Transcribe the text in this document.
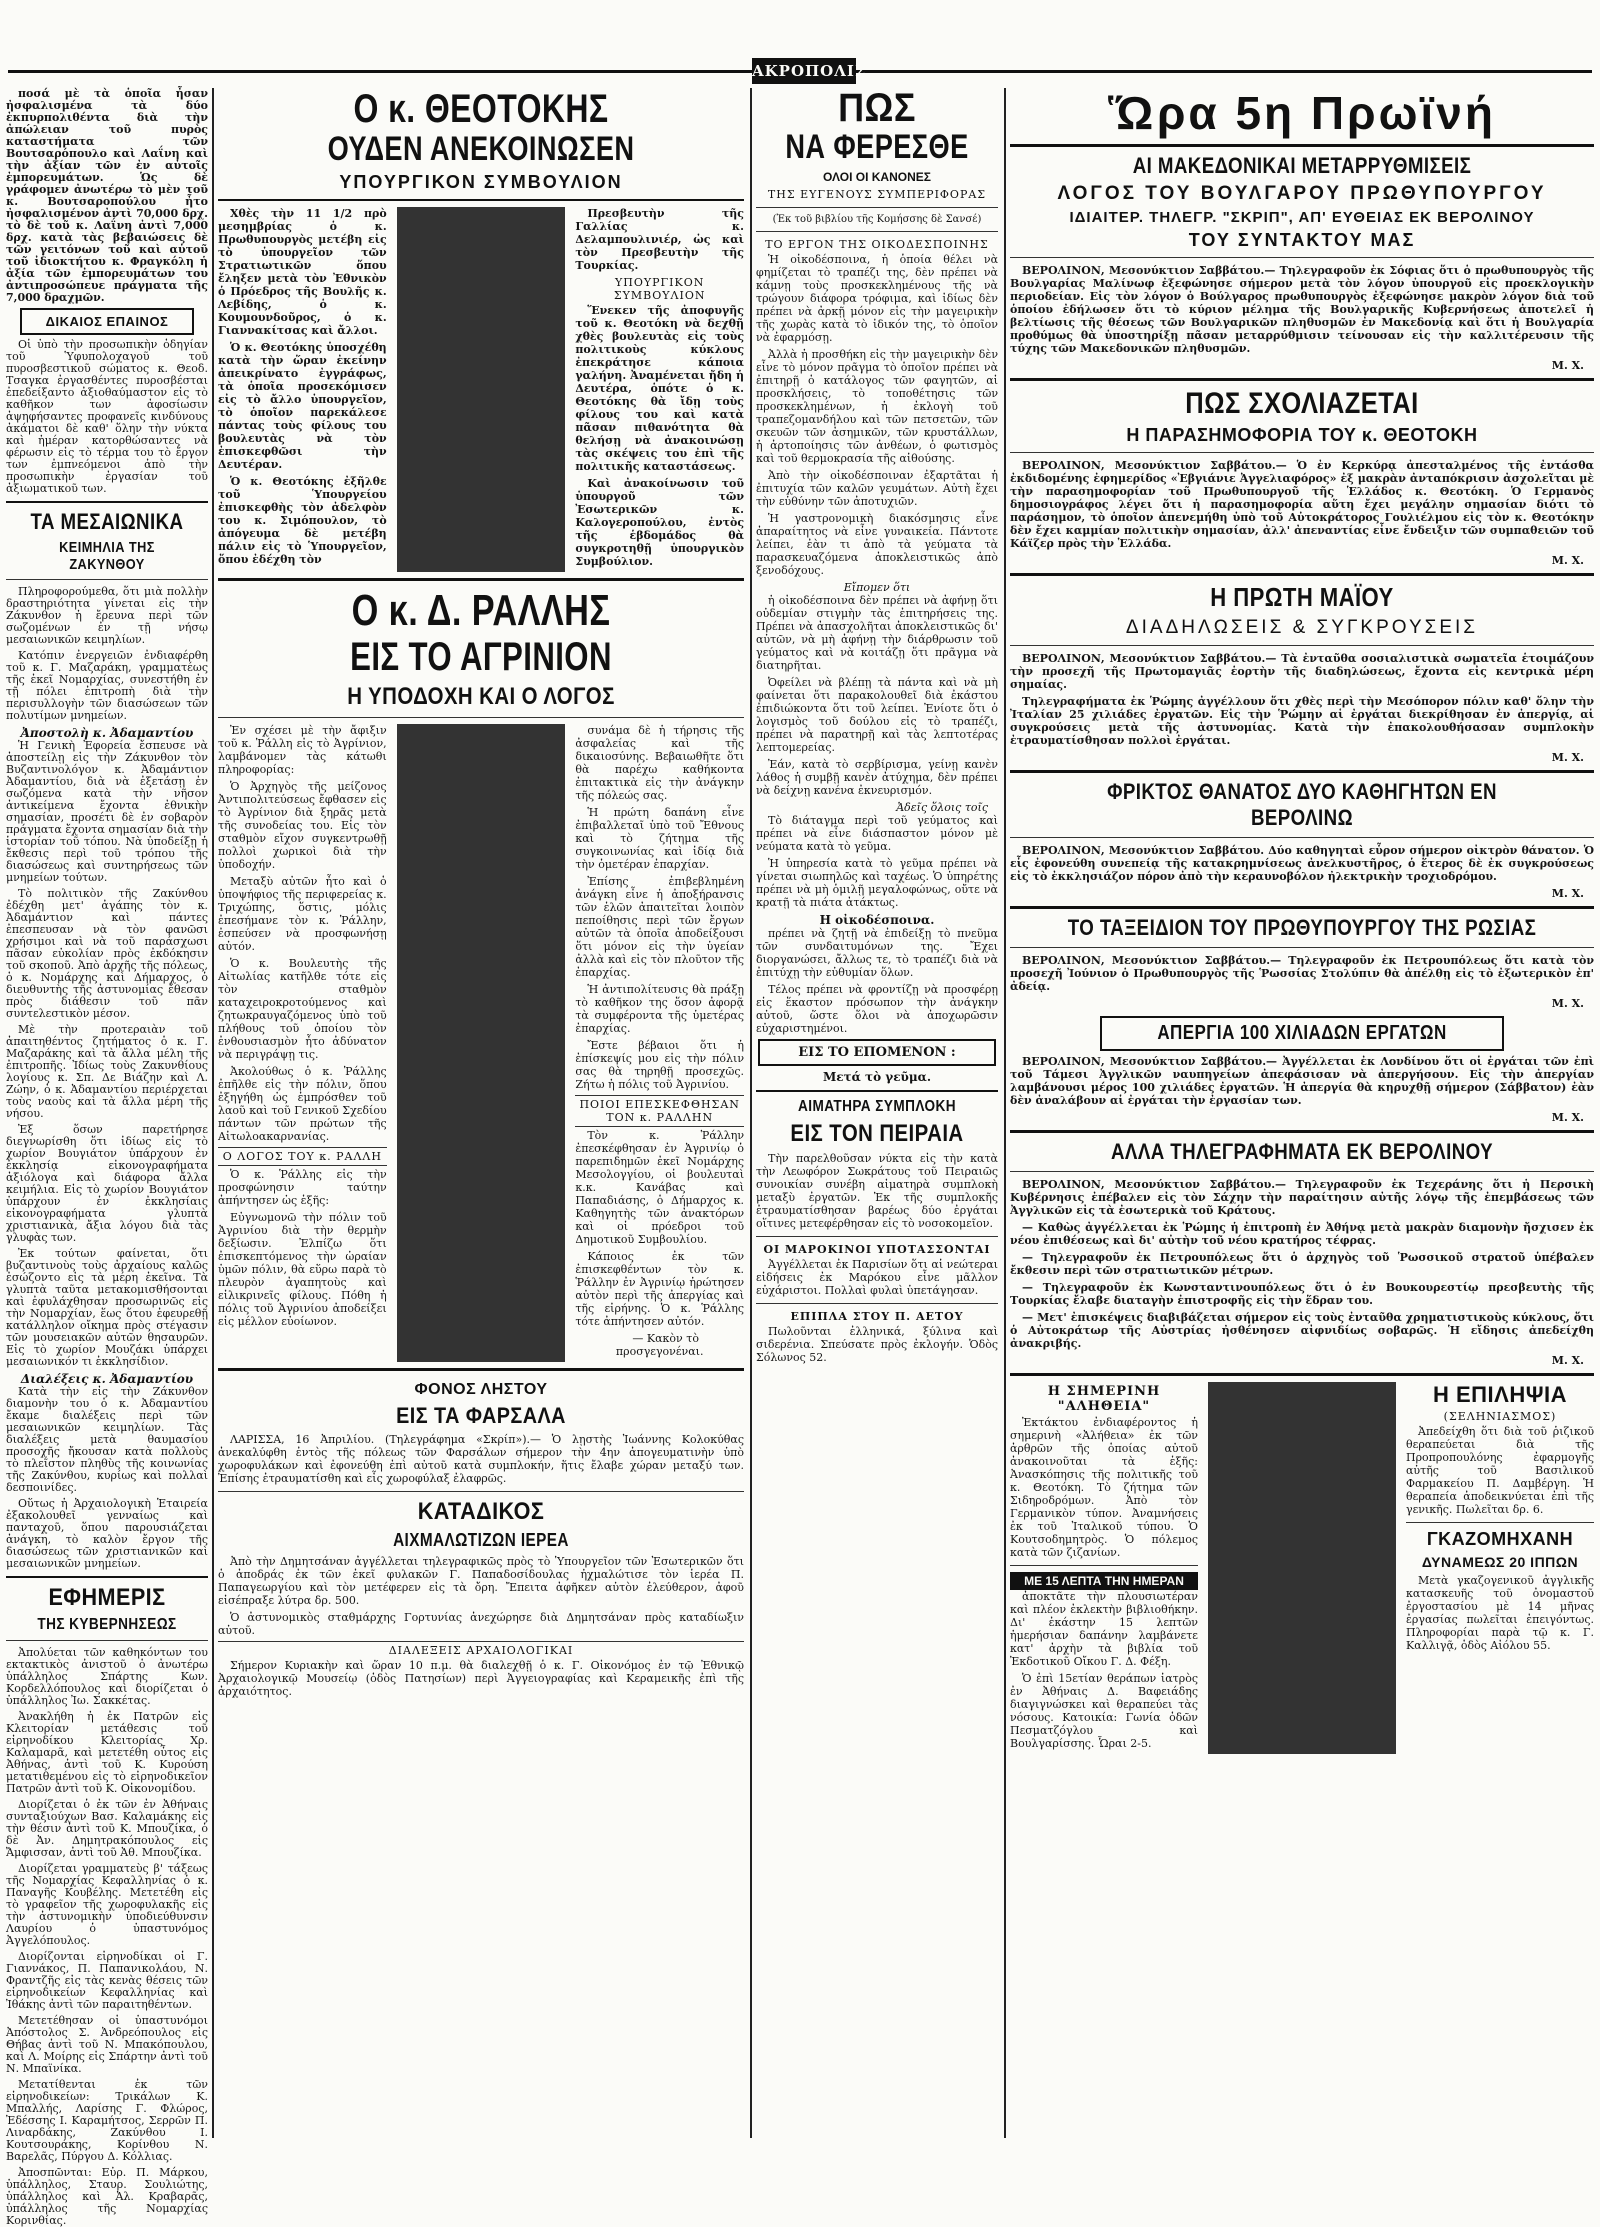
ΑΚΡΟΠΟΛΙΣ

ποσά μὲ τὰ ὁποῖα ἦσαν ἠσφαλισμένα τὰ δύο ἐκπυρπολιθέντα διὰ τὴν ἀπώλειαν τοῦ πυρὸς καταστήματα τῶν Βουτσαρόπουλο καὶ Λαΐνη καὶ τὴν ἀξίαν τῶν ἐν αὐτοῖς ἐμπορευμάτων. Ὡς δὲ γράφομεν ἀνωτέρω τὸ μὲν τοῦ κ. Βουτσαροπούλου ἦτο ἠσφαλισμένον ἀντὶ 70,000 δρχ. τὸ δὲ τοῦ κ. Λαΐνη ἀντὶ 7,000 δρχ. κατὰ τὰς βεβαιώσεις δὲ τῶν γειτόνων τοῦ καὶ αὐτοῦ τοῦ ἰδιοκτήτου κ. Φραγκόλη ἡ ἀξία τῶν ἐμπορευμάτων του ἀντιπροσώπευε πράγματα τῆς 7,000 δραχμῶν.

ΔΙΚΑΙΟΣ ΕΠΑΙΝΟΣ

Οἱ ὑπὸ τὴν προσωπικὴν ὁδηγίαν τοῦ Ὑφυπολοχαγοῦ τοῦ πυροσβεστικοῦ σώματος κ. Θεοδ. Τσαγκα ἐργασθέντες πυροσβέσται ἐπεδείξαντο ἀξιοθαύμαστον εἰς τὸ καθῆκον των ἀφοσίωσιν ἀψηφήσαντες προφανεῖς κινδύνους ἀκάματοι δὲ καθ' ὅλην τὴν νύκτα καὶ ἡμέραν κατορθώσαντες νὰ φέρωσιν εἰς τὸ τέρμα του τὸ ἔργον των ἐμπνεόμενοι ἀπὸ τὴν προσωπικὴν ἐργασίαν τοῦ ἀξιωματικοῦ των.

ΤΑ ΜΕΣΑΙΩΝΙΚΑ
ΚΕΙΜΗΛΙΑ ΤΗΣ ΖΑΚΥΝΘΟΥ

Πληροφορούμεθα, ὅτι μιὰ πολλὴν δραστηριότητα γίνεται εἰς τὴν Ζάκυνθον ἡ ἔρευνα περὶ τῶν σωζομένων ἐν τῇ νήσῳ μεσαιωνικῶν κειμηλίων.

Κατόπιν ἐνεργειῶν ἐνδιαφέρθη τοῦ κ. Γ. Μαζαράκη, γραμματέως τῆς ἐκεῖ Νομαρχίας, συνεστήθη ἐν τῇ πόλει ἐπιτροπὴ διὰ τὴν περισυλλογὴν τῶν διασώσεων τῶν πολυτίμων μνημείων.

Ἀποστολὴ κ. Ἀδαμαντίου

Ἡ Γενικὴ Ἐφορεία ἔσπευσε νὰ ἀποστείλῃ εἰς τὴν Ζάκυνθον τὸν Βυζαντινολόγον κ. Ἀδαμάντιον Ἀδαμαντίου, διὰ νὰ ἐξετάσῃ ἐν σωζόμενα κατὰ τὴν νῆσον ἀντικείμενα ἔχοντα ἐθνικὴν σημασίαν, προσέτι δὲ ἐν σοβαρὸν πράγματα ἔχοντα σημασίαν διὰ τὴν ἱστορίαν τοῦ τόπου. Νὰ ὑποδείξῃ ἡ ἔκθεσις περὶ τοῦ τρόπου τῆς διασώσεως καὶ συντηρήσεως τῶν μνημείων τούτων.

Τὸ πολιτικὸν τῆς Ζακύνθου ἐδέχθη μετ' ἀγάπης τὸν κ. Ἀδαμάντιον καὶ πάντες ἐπεσπευσαν νὰ τὸν φανῶσι χρήσιμοι καὶ νὰ τοῦ παράσχωσι πᾶσαν εὐκολίαν πρὸς ἐκδόκησιν τοῦ σκοποῦ. Ἀπὸ ἀρχῆς τῆς πόλεως, ὁ κ. Νομάρχης καὶ Δήμαρχος, ὁ διευθυντὴς τῆς ἀστυνομίας ἔθεσαν πρὸς διάθεσιν τοῦ πᾶν συντελεστικὸν μέσον.

Μὲ τὴν προτεραιὰν τοῦ ἀπαιτηθέντος ζητήματος ὁ κ. Γ. Μαζαράκης καὶ τὰ ἄλλα μέλη τῆς ἐπιτροπῆς. Ἰδίως τοὺς Ζακυνθίους λογίους κ. Σπ. Δε Βιάζην καὶ Λ. Ζώην, ὁ κ. Ἀδαμαντίου περιέρχεται τοὺς ναοὺς καὶ τὰ ἄλλα μέρη τῆς νήσου.

Ἐξ ὅσων παρετήρησε διεγνωρίσθη ὅτι ἰδίως εἰς τὸ χωρίον Βουγιάτον ὑπάρχουν ἐν ἐκκλησίᾳ εἰκονογραφήματα ἀξιόλογα καὶ διάφορα ἄλλα κειμήλια. Εἰς τὸ χωρίον Βουγιάτον ὑπάρχουν ἐν ἐκκλησίαις εἰκονογραφήματα γλυπτὰ χριστιανικὰ, ἄξια λόγου διὰ τὰς γλυφὰς των.

Ἐκ τούτων φαίνεται, ὅτι βυζαντινοὺς τοὺς ἀρχαίους καλῶς ἐσώζοντο εἰς τὰ μέρη ἐκεῖνα. Τὰ γλυπτὰ ταῦτα μετακομισθήσονται καὶ ἐφυλάχθησαν προσωρινῶς εἰς τὴν Νομαρχίαν, ἕως ὅτου ἐφευρεθῇ κατάλληλον οἴκημα πρὸς στέγασιν τῶν μουσειακῶν αὐτῶν θησαυρῶν. Εἰς τὸ χωρίον Μουζάκι ὑπάρχει μεσαιωνικόν τι ἐκκλησίδιον.

Διαλέξεις κ. Ἀδαμαντίου

Κατὰ τὴν εἰς τὴν Ζάκυνθον διαμονὴν του ὁ κ. Ἀδαμαντίου ἔκαμε διαλέξεις περὶ τῶν μεσαιωνικῶν κειμηλίων. Τὰς διαλέξεις μετὰ θαυμασίου προσοχῆς ἤκουσαν κατὰ πολλοὺς τὸ πλεῖστον πληθὺς τῆς κοινωνίας τῆς Ζακύνθου, κυρίως καὶ πολλαὶ δεσποινίδες.

Οὕτως ἡ Ἀρχαιολογικὴ Ἑταιρεία ἐξακολουθεῖ γενναίως καὶ πανταχοῦ, ὅπου παρουσιάζεται ἀνάγκη, τὸ καλὸν ἔργον τῆς διασώσεως τῶν χριστιανικῶν καὶ μεσαιωνικῶν μνημείων.

ΕΦΗΜΕΡΙΣ
ΤΗΣ ΚΥΒΕΡΝΗΣΕΩΣ

Ἀπολύεται τῶν καθηκόντων του εκτακτικὸς ἀνιστοῦ ὁ ἀνωτέρω ὑπάλληλος Σπάρτης Κων. Κορδελλόπουλος καὶ διορίζεται ὁ ὑπάλληλος Ἰω. Σακκέτας.

Ἀνακλήθη ἡ ἐκ Πατρῶν εἰς Κλειτορίαν μετάθεσις τοῦ εἰρηνοδίκου Κλειτορίας Χρ. Καλαμαρᾶ, καὶ μετετέθη οὗτος εἰς Ἀθήνας, ἀντὶ τοῦ Κ. Κυρούση μετατιθεμένου εἰς τὸ εἰρηνοδικεῖον Πατρῶν ἀντὶ τοῦ Κ. Οἰκονομίδου.

Διορίζεται ὁ ἐκ τῶν ἐν Ἀθήναις συνταξιούχων Βασ. Καλαμάκης εἰς τὴν θέσιν ἀντὶ τοῦ Κ. Μπουζίκα, ὁ δὲ Ἀν. Δημητρακόπουλος εἰς Ἄμφισσαν, ἀντὶ τοῦ Ἀθ. Μπουζίκα.

Διορίζεται γραμματεὺς β' τάξεως τῆς Νομαρχίας Κεφαλληνίας ὁ κ. Παναγῆς Κουβέλης. Μετετέθη εἰς τὸ γραφεῖον τῆς χωροφυλακῆς εἰς τὴν ἀστυνομικὴν ὑποδιεύθυνσιν Λαυρίου ὁ ὑπαστυνόμος Ἀγγελόπουλος.

Διορίζονται εἰρηνοδίκαι οἱ Γ. Γιαννάκος, Π. Παπανικολάου, Ν. Φραντζῆς εἰς τὰς κενὰς θέσεις τῶν εἰρηνοδικείων Κεφαλληνίας καὶ Ἰθάκης ἀντὶ τῶν παραιτηθέντων.

Μετετέθησαν οἱ ὑπαστυνόμοι Ἀπόστολος Σ. Ἀνδρεόπουλος εἰς Θήβας ἀντὶ τοῦ Ν. Μπακόπουλου, καὶ Λ. Μοίρης εἰς Σπάρτην ἀντὶ τοῦ Ν. Μπαϊνίκα.

Μετατίθενται ἐκ τῶν εἰρηνοδικείων: Τρικάλων Κ. Μπαλλής, Λαρίσης Γ. Φλώρος, Ἐδέσσης Ι. Καραμήτσος, Σερρῶν Π. Λιναρδάκης, Ζακύνθου Ι. Κουτσουράκης, Κορίνθου Ν. Βαρελᾶς, Πύργου Δ. Κόλλιας.

Ἀποσπῶνται: Εὐρ. Π. Μάρκου, ὑπάλληλος, Σταυρ. Σουλιώτης, ὑπάλληλος καὶ Ἀλ. Κραβαρᾶς, ὑπάλληλος τῆς Νομαρχίας Κορινθίας.

Ο κ. ΘΕΟΤΟΚΗΣ
ΟΥΔΕΝ ΑΝΕΚΟΙΝΩΣΕΝ
ΥΠΟΥΡΓΙΚΟΝ ΣΥΜΒΟΥΛΙΟΝ

Χθὲς τὴν 11 1/2 πρὸ μεσημβρίας ὁ κ. Πρωθυπουργὸς μετέβη εἰς τὸ ὑπουργεῖον τῶν Στρατιωτικῶν ὅπου ἔληξεν μετὰ τὸν Ἐθνικὸν ὁ Πρόεδρος τῆς Βουλῆς κ. Λεβίδης, ὁ κ. Κουμουνδοῦρος, ὁ κ. Γιαννακίτσας καὶ ἄλλοι.

Ὁ κ. Θεοτόκης ὑποσχέθη κατὰ τὴν ὥραν ἐκείνην ἀπεικρίνατο ἐγγράφως, τὰ ὁποῖα προσεκόμισεν εἰς τὸ ἄλλο ὑπουργεῖον, τὸ ὁποῖον παρεκάλεσε πάντας τοὺς φίλους του βουλευτὰς νὰ τὸν ἐπισκεφθῶσι τὴν Δευτέραν.

Ὁ κ. Θεοτόκης ἐξῆλθε τοῦ Ὑπουργείου ἐπισκεφθὴς τὸν ἀδελφὸν του κ. Σιμόπουλον, τὸ ἀπόγευμα δὲ μετέβη πάλιν εἰς τὸ Ὑπουργεῖον, ὅπου ἐδέχθη τὸν

Πρεσβευτὴν τῆς Γαλλίας κ. Δελαμπουλινιέρ, ὡς καὶ τὸν Πρεσβευτὴν τῆς Τουρκίας.

ΥΠΟΥΡΓΙΚΟΝ ΣΥΜΒΟΥΛΙΟΝ

Ἕνεκεν τῆς ἀποφυγῆς τοῦ κ. Θεοτόκη νὰ δεχθῇ χθὲς βουλευτὰς εἰς τοὺς πολιτικοὺς κύκλους ἐπεκράτησε κάποια γαλήνη. Ἀναμένεται ἤδη ἡ Δευτέρα, ὁπότε ὁ κ. Θεοτόκης θὰ ἴδῃ τοὺς φίλους του καὶ κατὰ πᾶσαν πιθανότητα θὰ θελήσῃ νὰ ἀνακοινώσῃ τὰς σκέψεις του ἐπὶ τῆς πολιτικῆς καταστάσεως.

Καὶ ἀνακοίνωσιν τοῦ ὑπουργοῦ τῶν Ἐσωτερικῶν κ. Καλογεροπούλου, ἐντὸς τῆς ἑβδομάδος θὰ συγκροτηθῇ ὑπουργικὸν Συμβούλιον.

Ο κ. Δ. ΡΑΛΛΗΣ
ΕΙΣ ΤΟ ΑΓΡΙΝΙΟΝ
Η ΥΠΟΔΟΧΗ ΚΑΙ Ο ΛΟΓΟΣ

Ἐν σχέσει μὲ τὴν ἄφιξιν τοῦ κ. Ῥάλλη εἰς τὸ Ἀγρίνιον, λαμβάνομεν τὰς κάτωθι πληροφορίας:

Ὁ Ἀρχηγὸς τῆς μείζονος Ἀντιπολιτεύσεως ἔφθασεν εἰς τὸ Ἀγρίνιον διὰ ξηρᾶς μετὰ τῆς συνοδείας του. Εἰς τὸν σταθμὸν εἴχον συγκεντρωθῇ πολλοὶ χωρικοὶ διὰ τὴν ὑποδοχήν.

Μεταξὺ αὐτῶν ἦτο καὶ ὁ ὑποψήφιος τῆς περιφερείας κ. Τριχώπης, ὅστις, μόλις ἐπεσήμανε τὸν κ. Ῥάλλην, ἐσπεύσεν νὰ προσφωνήσῃ αὐτόν.

Ὁ κ. Βουλευτὴς τῆς Αἰτωλίας κατῆλθε τότε εἰς τὸν σταθμὸν καταχειροκροτούμενος καὶ ζητωκραυγαζόμενος ὑπὸ τοῦ πλήθους τοῦ ὁποίου τὸν ἐνθουσιασμὸν ἦτο ἀδύνατον νὰ περιγράψῃ τις.

Ἀκολούθως ὁ κ. Ῥάλλης ἐπῆλθε εἰς τὴν πόλιν, ὅπου ἐξηγήθη ὡς ἐμπρόσθεν τοῦ λαοῦ καὶ τοῦ Γενικοῦ Σχεδίου πάντων τῶν πρώτων τῆς Αἰτωλοακαρνανίας.

Ο ΛΟΓΟΣ ΤΟΥ κ. ΡΑΛΛΗ

Ὁ κ. Ῥάλλης εἰς τὴν προσφώνησιν ταύτην ἀπήντησεν ὡς ἑξῆς:

Εὐγνωμονῶ τὴν πόλιν τοῦ Ἀγρινίου διὰ τὴν θερμὴν δεξίωσιν. Ἐλπίζω ὅτι ἐπισκεπτόμενος τὴν ὡραίαν ὑμῶν πόλιν, θὰ εὕρω παρὰ τὸ πλευρὸν ἀγαπητοὺς καὶ εἰλικρινεῖς φίλους. Πόθη ἡ πόλις τοῦ Ἀγρινίου ἀποδείξει εἰς μέλλον εὐοίωνον.

συνάμα δὲ ἡ τήρησις τῆς ἀσφαλείας καὶ τῆς δικαιοσύνης. Βεβαιωθῆτε ὅτι θὰ παρέχω καθήκοντα ἐπιτακτικὰ εἰς τὴν ἀνάγκην τῆς πόλεώς σας.

Ἡ πρώτη δαπάνη εἶνε ἐπιβαλλεταῖ ὑπὸ τοῦ Ἔθνους καὶ τὸ ζήτημα τῆς συγκοινωνίας καὶ ἰδίᾳ διὰ τὴν ὁμετέραν ἐπαρχίαν.

Ἐπίσης ἐπιβεβλημένη ἀνάγκη εἶνε ἡ ἀποξήρανσις τῶν ἑλῶν ἀπαιτεῖται λοιπὸν πεποίθησις περὶ τῶν ἔργων αὐτῶν τὰ ὁποῖα ἀποδείξουσι ὅτι μόνον εἰς τὴν ὑγείαν ἀλλὰ καὶ εἰς τὸν πλοῦτον τῆς ἐπαρχίας.

Ἡ ἀντιπολίτευσις θὰ πράξῃ τὸ καθῆκον της ὅσον ἀφορᾷ τὰ συμφέροντα τῆς ὑμετέρας ἐπαρχίας.

Ἔστε βέβαιοι ὅτι ἡ ἐπίσκεψίς μου εἰς τὴν πόλιν σας θὰ τηρηθῇ προσεχῶς. Ζήτω ἡ πόλις τοῦ Ἀγρινίου.

ΠΟΙΟΙ ΕΠΕΣΚΕΦΘΗΣΑΝ ΤΟΝ κ. ΡΑΛΛΗΝ

Τὸν κ. Ῥάλλην ἐπεσκέφθησαν ἐν Ἀγρινίῳ ὁ παρεπιδημῶν ἐκεῖ Νομάρχης Μεσολογγίου, οἱ βουλευταὶ κ.κ. Κανάβας καὶ Παπαδιάσης, ὁ Δήμαρχος κ. Καθηγητὴς τῶν ἀνακτόρων καὶ οἱ πρόεδροι τοῦ Δημοτικοῦ Συμβουλίου.

Κάποιος ἐκ τῶν ἐπισκεφθέντων τὸν κ. Ῥάλλην ἐν Ἀγρινίῳ ἠρώτησεν αὐτὸν περὶ τῆς ἀπεργίας καὶ τῆς εἰρήνης. Ὁ κ. Ῥάλλης τότε ἀπήντησεν αὐτόν.

— Κακὸν τὸ προσγεγονέναι.

ΦΟΝΟΣ ΛΗΣΤΟΥ
ΕΙΣ ΤΑ ΦΑΡΣΑΛΑ

ΛΑΡΙΣΣΑ, 16 Ἀπριλίου. (Τηλεγράφημα «Σκρίπ»).— Ὁ λῃστὴς Ἰωάννης Κολοκύθας ἀνεκαλύφθη ἐντὸς τῆς πόλεως τῶν Φαρσάλων σήμερον τὴν 4ην ἀπογευματινὴν ὑπὸ χωροφυλάκων καὶ ἐφονεύθη ἐπὶ αὐτοῦ κατὰ συμπλοκήν, ἥτις ἔλαβε χώραν μεταξύ των. Ἐπίσης ἐτραυματίσθη καὶ εἷς χωροφύλαξ ἐλαφρῶς.

ΚΑΤΑΔΙΚΟΣ
ΑΙΧΜΑΛΩΤΙΖΩΝ ΙΕΡΕΑ

Ἀπὸ τὴν Δημητσάναν ἀγγέλλεται τηλεγραφικῶς πρὸς τὸ Ὑπουργεῖον τῶν Ἐσωτερικῶν ὅτι ὁ ἀποδράς ἐκ τῶν ἐκεῖ φυλακῶν Γ. Παπαδοσίδουλας ἠχμαλώτισε τὸν ἱερέα Π. Παπαγεωργίου καὶ τὸν μετέφερεν εἰς τὰ ὄρη. Ἔπειτα ἀφῆκεν αὐτὸν ἐλεύθερον, ἀφοῦ εἰσέπραξε λύτρα δρ. 500.

Ὁ ἀστυνομικὸς σταθμάρχης Γορτυνίας ἀνεχώρησε διὰ Δημητσάναν πρὸς καταδίωξιν αὐτοῦ.

ΔΙΑΛΕΞΕΙΣ ΑΡΧΑΙΟΛΟΓΙΚΑΙ

Σήμερον Κυριακὴν καὶ ὥραν 10 π.μ. θὰ διαλεχθῇ ὁ κ. Γ. Οἰκονόμος ἐν τῷ Ἐθνικῷ Ἀρχαιολογικῷ Μουσείῳ (ὁδὸς Πατησίων) περὶ Ἀγγειογραφίας καὶ Κεραμεικῆς ἐπὶ τῆς ἀρχαιότητος.

ΠΩΣ
ΝΑ ΦΕΡΕΣΘΕ
ΟΛΟΙ ΟΙ ΚΑΝΟΝΕΣ
ΤΗΣ ΕΥΓΕΝΟΥΣ ΣΥΜΠΕΡΙΦΟΡΑΣ
(Ἐκ τοῦ βιβλίου τῆς Κομήσσης δὲ Σανσέ)
ΤΟ ΕΡΓΟΝ ΤΗΣ ΟΙΚΟΔΕΣΠΟΙΝΗΣ

Ἡ οἰκοδέσποινα, ἡ ὁποία θέλει νὰ φημίζεται τὸ τραπέζι της, δὲν πρέπει νὰ κάμνῃ τοὺς προσκεκλημένους τῆς νὰ τρώγουν διάφορα τρόφιμα, καὶ ἰδίως δὲν πρέπει νὰ ἀρκῇ μόνον εἰς τὴν μαγειρικὴν τῆς χωρὰς κατὰ τὸ ἰδικόν της, τὸ ὁποῖον νὰ ἐφαρμόσῃ.

Ἀλλὰ ἡ προσθήκη εἰς τὴν μαγειρικὴν δὲν εἶνε τὸ μόνον πρᾶγμα τὸ ὁποῖον πρέπει νὰ ἐπιτηρῇ ὁ κατάλογος τῶν φαγητῶν, αἱ προσκλήσεις, τὸ τοποθέτησις τῶν προσκεκλημένων, ἡ ἐκλογὴ τοῦ τραπεζομανδήλου καὶ τῶν πετσετῶν, τῶν σκευῶν τῶν ἀσημικῶν, τῶν κρυστάλλων, ἡ ἀρτοποίησις τῶν ἀνθέων, ὁ φωτισμὸς καὶ τοῦ θερμοκρασία τῆς αἰθούσης.

Ἀπὸ τὴν οἰκοδέσποιναν ἐξαρτᾶται ἡ ἐπιτυχία τῶν καλῶν γευμάτων. Αὐτὴ ἔχει τὴν εὐθύνην τῶν ἀποτυχιῶν.

Ἡ γαστρονομικὴ διακόσμησις εἶνε ἀπαραίτητος νὰ εἶνε γυναικεία. Πάντοτε λείπει, ἐὰν τι ἀπὸ τὰ γεύματα τὰ παρασκευαζόμενα ἀποκλειστικῶς ἀπὸ ξενοδόχους.

Εἴπομεν ὅτι

ἡ οἰκοδέσποινα δὲν πρέπει νὰ ἀφήνῃ ὅτι οὐδεμίαν στιγμὴν τὰς ἐπιτηρήσεις της. Πρέπει νὰ ἀπασχολῆται ἀποκλειστικῶς δι' αὐτῶν, νὰ μὴ ἀφήνῃ τὴν διάρθρωσιν τοῦ γεύματος καὶ νὰ κοιτάζῃ ὅτι πρᾶγμα νὰ διατηρῆται.

Ὀφείλει νὰ βλέπῃ τὰ πάντα καὶ νὰ μὴ φαίνεται ὅτι παρακολουθεῖ διὰ ἐκάστου ἐπιδιώκοντα ὅτι τοῦ λείπει. Ἐνίοτε ὅτι ὁ λογισμὸς τοῦ δούλου εἰς τὸ τραπέζι, πρέπει νὰ παρατηρῇ καὶ τὰς λεπτοτέρας λεπτομερείας.

Ἐάν, κατὰ τὸ σερβίρισμα, γείνῃ κανὲν λάθος ἡ συμβῇ κανὲν ἀτύχημα, δὲν πρέπει νὰ δείχνῃ κανένα ἐκνευρισμόν.

Ἀδεῖς ὅλοις τοῖς

Τὸ διάταγμα περὶ τοῦ γεύματος καὶ πρέπει νὰ εἶνε διάσπαστον μόνον μὲ νεύματα κατὰ τὸ γεῦμα.

Ἡ ὑπηρεσία κατὰ τὸ γεῦμα πρέπει νὰ γίνεται σιωπηλῶς καὶ ταχέως. Ὁ ὑπηρέτης πρέπει νὰ μὴ ὁμιλῇ μεγαλοφώνως, οὔτε νὰ κρατῇ τὰ πιάτα ἀτάκτως.

Η οἰκοδέσποινα.

πρέπει νὰ ζητῇ νὰ ἐπιδείξῃ τὸ πνεῦμα τῶν συνδαιτυμόνων της. Ἔχει διοργανώσει, ἄλλως τε, τὸ τραπέζι διὰ νὰ ἐπιτύχῃ τὴν εὐθυμίαν ὅλων.

Τέλος πρέπει νὰ φροντίζῃ νὰ προσφέρῃ εἰς ἕκαστον πρόσωπον τὴν ἀνάγκην αὐτοῦ, ὥστε ὅλοι νὰ ἀποχωρῶσιν εὐχαριστημένοι.

ΕΙΣ ΤΟ ΕΠΟΜΕΝΟΝ :
Μετά τὸ γεῦμα.
ΑΙΜΑΤΗΡΑ ΣΥΜΠΛΟΚΗ
ΕΙΣ ΤΟΝ ΠΕΙΡΑΙΑ

Τὴν παρελθοῦσαν νύκτα εἰς τὴν κατὰ τὴν Λεωφόρον Σωκράτους τοῦ Πειραιῶς συνοικίαν συνέβη αἱματηρὰ συμπλοκὴ μεταξὺ ἐργατῶν. Ἐκ τῆς συμπλοκῆς ἐτραυματίσθησαν βαρέως δύο ἐργάται οἵτινες μετεφέρθησαν εἰς τὸ νοσοκομεῖον.

ΟΙ ΜΑΡΟΚΙΝΟΙ ΥΠΟΤΑΣΣΟΝΤΑΙ

Ἀγγέλλεται ἐκ Παρισίων ὅτι αἱ νεώτεραι εἰδήσεις ἐκ Μαρόκου εἶνε μᾶλλον εὐχάριστοι. Πολλαὶ φυλαὶ ὑπετάγησαν.

ΕΠΙΠΛΑ ΣΤΟΥ Π. ΑΕΤΟΥ

Πωλοῦνται ἐλληνικά, ξύλινα καὶ σιδερένια. Σπεύσατε πρὸς ἐκλογήν. Ὁδὸς Σόλωνος 52.

Ὥρα 5η Πρωϊνή
ΑΙ ΜΑΚΕΔΟΝΙΚΑΙ ΜΕΤΑΡΡΥΘΜΙΣΕΙΣ
ΛΟΓΟΣ ΤΟΥ ΒΟΥΛΓΑΡΟΥ ΠΡΩΘΥΠΟΥΡΓΟΥ
ΙΔΙΑΙΤΕΡ. ΤΗΛΕΓΡ. "ΣΚΡΙΠ", ΑΠ' ΕΥΘΕΙΑΣ ΕΚ ΒΕΡΟΛΙΝΟΥ
ΤΟΥ ΣΥΝΤΑΚΤΟΥ ΜΑΣ

ΒΕΡΟΛΙΝΟΝ, Μεσονύκτιον Σαββάτου.— Τηλεγραφοῦν ἐκ Σόφιας ὅτι ὁ πρωθυπουργὸς τῆς Βουλγαρίας Μαλίνωφ ἐξεφώνησε σήμερον μετὰ τὸν λόγον ὑπουργοῦ εἰς προεκλογικὴν περιοδείαν. Εἰς τὸν λόγον ὁ Βούλγαρος πρωθυπουργὸς ἐξεφώνησε μακρὸν λόγον διὰ τοῦ ὁποίου ἐδήλωσεν ὅτι τὸ κύριον μέλημα τῆς Βουλγαρικῆς Κυβερνήσεως ἀποτελεῖ ἡ βελτίωσις τῆς θέσεως τῶν Βουλγαρικῶν πληθυσμῶν ἐν Μακεδονίᾳ καὶ ὅτι ἡ Βουλγαρία προθύμως θὰ ὑποστηρίξῃ πᾶσαν μεταρρύθμισιν τείνουσαν εἰς τὴν καλλιτέρευσιν τῆς τύχης τῶν Μακεδονικῶν πληθυσμῶν.

Μ. Χ.
ΠΩΣ ΣΧΟΛΙΑΖΕΤΑΙ
Η ΠΑΡΑΣΗΜΟΦΟΡΙΑ ΤΟΥ κ. ΘΕΟΤΟΚΗ

ΒΕΡΟΛΙΝΟΝ, Μεσονύκτιον Σαββάτου.— Ὁ ἐν Κερκύρᾳ ἀπεσταλμένος τῆς ἐντάσθα ἐκδιδομένης ἐφημερίδος «Ἐβγιάνιε Ἀγγελιαφόρος» ἐξ μακρὰν ἀνταπόκρισιν ἀσχολεῖται μὲ τὴν παρασημοφορίαν τοῦ Πρωθυπουργοῦ τῆς Ἑλλάδος κ. Θεοτόκη. Ὁ Γερμανὸς δημοσιογράφος λέγει ὅτι ἡ παρασημοφορία αὕτη ἔχει μεγάλην σημασίαν διότι τὸ παράσημον, τὸ ὁποῖον ἀπενεμήθη ὑπὸ τοῦ Αὐτοκράτορος Γουλιέλμου εἰς τὸν κ. Θεοτόκην δὲν ἔχει καμμίαν πολιτικὴν σημασίαν, ἀλλ' ἀπεναντίας εἶνε ἔνδειξιν τῶν συμπαθειῶν τοῦ Κάϊζερ πρὸς τὴν Ἑλλάδα.

Μ. Χ.
Η ΠΡΩΤΗ ΜΑΪΟΥ
ΔΙΑΔΗΛΩΣΕΙΣ & ΣΥΓΚΡΟΥΣΕΙΣ

ΒΕΡΟΛΙΝΟΝ, Μεσονύκτιον Σαββάτου.— Τὰ ἐνταῦθα σοσιαλιστικὰ σωματεῖα ἑτοιμάζουν τὴν προσεχῆ τῆς Πρωτομαγιᾶς ἑορτὴν τῆς διαδηλώσεως, ἔχοντα εἰς κεντρικὰ μέρη σημαίας.

Τηλεγραφήματα ἐκ Ῥώμης ἀγγέλλουν ὅτι χθὲς περὶ τὴν Μεσόπορον πόλιν καθ' ὅλην τὴν Ἰταλίαν 25 χιλιάδες ἐργατῶν. Εἰς τὴν Ῥώμην αἱ ἐργάται διεκρίθησαν ἐν ἀπεργίᾳ, αἱ συγκρούσεις μετὰ τῆς ἀστυνομίας. Κατὰ τὴν ἐπακολουθήσασαν συμπλοκὴν ἐτραυματίσθησαν πολλοὶ ἐργάται.

Μ. Χ.
ΦΡΙΚΤΟΣ ΘΑΝΑΤΟΣ ΔΥΟ ΚΑΘΗΓΗΤΩΝ ΕΝ ΒΕΡΟΛΙΝΩ

ΒΕΡΟΛΙΝΟΝ, Μεσονύκτιον Σαββάτου. Δύο καθηγηταὶ εὗρον σήμερον οἰκτρὸν θάνατον. Ὁ εἷς ἐφονεύθη συνεπείᾳ τῆς κατακρημνίσεως ἀνελκυστῆρος, ὁ ἕτερος δὲ ἐκ συγκρούσεως εἰς τὸ ἐκκλησιάζον πόρον ἀπὸ τὴν κεραυνοβόλον ἠλεκτρικὴν τροχιοδρόμου.

Μ. Χ.
ΤΟ ΤΑΞΕΙΔΙΟΝ ΤΟΥ ΠΡΩΘΥΠΟΥΡΓΟΥ ΤΗΣ ΡΩΣΙΑΣ

ΒΕΡΟΛΙΝΟΝ, Μεσονύκτιον Σαββάτου.— Τηλεγραφοῦν ἐκ Πετρουπόλεως ὅτι κατὰ τὸν προσεχῆ Ἰούνιον ὁ Πρωθυπουργὸς τῆς Ῥωσσίας Στολύπιν θὰ ἀπέλθῃ εἰς τὸ ἐξωτερικὸν ἐπ' ἀδείᾳ.

Μ. Χ.
ΑΠΕΡΓΙΑ 100 ΧΙΛΙΑΔΩΝ ΕΡΓΑΤΩΝ

ΒΕΡΟΛΙΝΟΝ, Μεσονύκτιον Σαββάτου.— Ἀγγέλλεται ἐκ Λονδίνου ὅτι οἱ ἐργάται τῶν ἐπὶ τοῦ Τάμεσι Ἀγγλικῶν ναυπηγείων ἀπεφάσισαν νὰ ἀπεργήσουν. Εἰς τὴν ἀπεργίαν λαμβάνουσι μέρος 100 χιλιάδες ἐργατῶν. Ἡ ἀπεργία θὰ κηρυχθῇ σήμερον (Σάββατον) ἐὰν δὲν ἀναλάβουν αἱ ἐργάται τὴν ἐργασίαν των.

Μ. Χ.
ΑΛΛΑ ΤΗΛΕΓΡΑΦΗΜΑΤΑ ΕΚ ΒΕΡΟΛΙΝΟΥ

ΒΕΡΟΛΙΝΟΝ, Μεσονύκτιον Σαββάτου.— Τηλεγραφοῦν ἐκ Τεχεράνης ὅτι ἡ Περσικὴ Κυβέρνησις ἐπέβαλεν εἰς τὸν Σάχην τὴν παραίτησιν αὐτῆς λόγῳ τῆς ἐπεμβάσεως τῶν Ἀγγλικῶν εἰς τὰ ἐσωτερικὰ τοῦ Κράτους.

— Καθὼς ἀγγέλλεται ἐκ Ῥώμης ἡ ἐπιτροπὴ ἐν Ἀθήνᾳ μετὰ μακρὰν διαμονὴν ἤσχισεν ἐκ νέου ἐπιθέσεως καὶ δι' αὐτὴν τοῦ νέου κρατήρος τέφρας.

— Τηλεγραφοῦν ἐκ Πετρουπόλεως ὅτι ὁ ἀρχηγὸς τοῦ Ῥωσσικοῦ στρατοῦ ὑπέβαλεν ἔκθεσιν περὶ τῶν στρατιωτικῶν μέτρων.

— Τηλεγραφοῦν ἐκ Κωνσταντινουπόλεως ὅτι ὁ ἐν Βουκουρεστίῳ πρεσβευτὴς τῆς Τουρκίας ἔλαβε διαταγὴν ἐπιστροφῆς εἰς τὴν ἕδραν του.

— Μετ' ἐπισκέψεις διαβιβάζεται σήμερον εἰς τοὺς ἐνταῦθα χρηματιστικοὺς κύκλους, ὅτι ὁ Αὐτοκράτωρ τῆς Αὐστρίας ἠσθένησεν αἰφνιδίως σοβαρῶς. Ἡ εἴδησις ἀπεδείχθη ἀνακριβής.

Μ. Χ.
Η ΣΗΜΕΡΙΝΗ "ΑΛΗΘΕΙΑ"

Ἐκτάκτου ἐνδιαφέροντος ἡ σημερινὴ «Ἀλήθεια» ἐκ τῶν ἀρθρῶν τῆς ὁποίας αὐτοῦ ἀνακοινοῦται τὰ ἑξῆς: Ἀνασκόπησις τῆς πολιτικῆς τοῦ κ. Θεοτόκη. Τὸ ζήτημα τῶν Σιδηροδρόμων. Ἀπὸ τὸν Γερμανικὸν τύπον. Ἀναμνήσεις ἐκ τοῦ Ἰταλικοῦ τύπου. Ὁ Κουτσοδημητρὸς. Ὁ πόλεμος κατὰ τῶν ζιζανίων.

ΜΕ 15 ΛΕΠΤΑ ΤΗΝ ΗΜΕΡΑΝ

ἀποκτᾶτε τὴν πλουσιωτέραν καὶ πλέον ἐκλεκτὴν βιβλιοθήκην. Δι' ἐκάστην 15 λεπτῶν ἡμερήσιαν δαπάνην λαμβάνετε κατ' ἀρχὴν τὰ βιβλία τοῦ Ἐκδοτικοῦ Οἴκου Γ. Δ. Φέξη.

Ὁ ἐπὶ 15ετίαν θεράπων ἰατρὸς ἐν Ἀθήναις Δ. Βαφειάδης διαγιγνώσκει καὶ θεραπεύει τὰς νόσους. Κατοικία: Γωνία ὁδῶν Πεσματζόγλου καὶ Βουλγαρίσσης. Ὧραι 2-5.

Η ΕΠΙΛΗΨΙΑ
(ΣΕΛΗΝΙΑΣΜΟΣ)

Ἀπεδείχθη ὅτι διὰ τοῦ ῥιζικοῦ θεραπεύεται διὰ τῆς Προπροπουλόνης ἐφαρμογῆς αὐτῆς τοῦ Βασιλικοῦ Φαρμακείου Π. Δαμβέργη. Ἡ θεραπεία ἀποδεικνύεται ἐπὶ τῆς γενικῆς. Πωλεῖται δρ. 6.

ΓΚΑΖΟΜΗΧΑΝΗ
ΔΥΝΑΜΕΩΣ 20 ΙΠΠΩΝ

Μετὰ γκαζογενικοῦ ἀγγλικῆς κατασκευῆς τοῦ ὀνομαστοῦ ἐργοστασίου μὲ 14 μῆνας ἐργασίας πωλεῖται ἐπειγόντως. Πληροφορίαι παρὰ τῷ κ. Γ. Καλλιγᾷ, ὁδὸς Αἰόλου 55.
